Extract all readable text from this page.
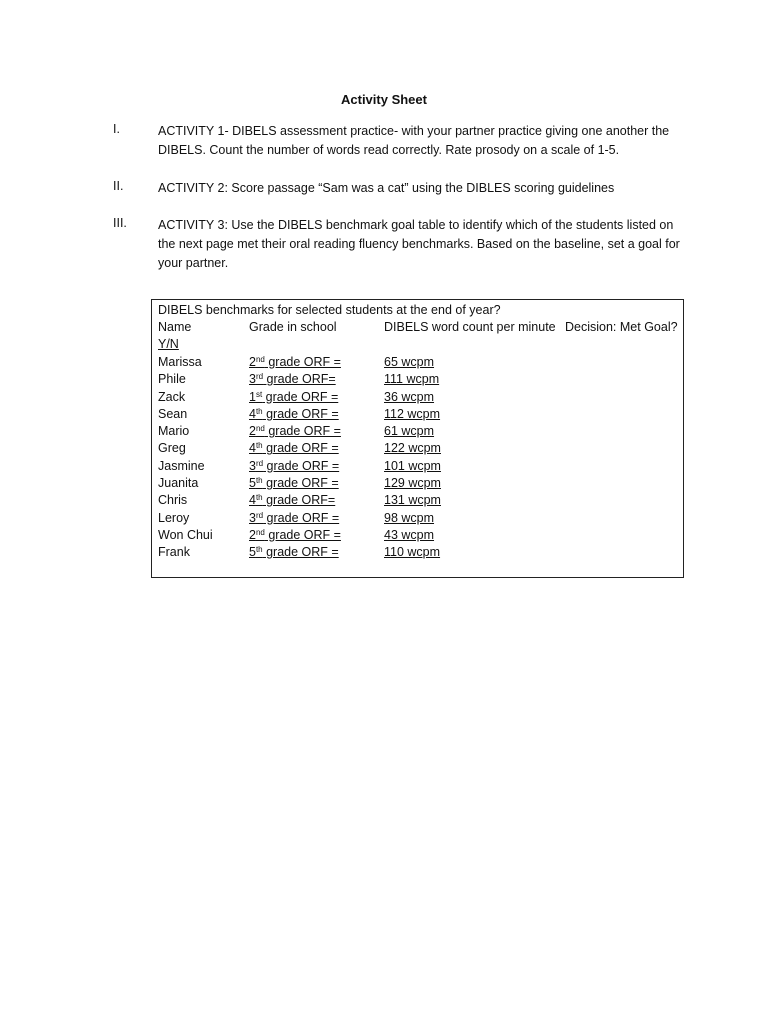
Activity Sheet
I.	ACTIVITY 1- DIBELS assessment practice- with your partner practice giving one another the DIBELS. Count the number of words read correctly. Rate prosody on a scale of 1-5.
II.	ACTIVITY 2: Score passage “Sam was a cat” using the DIBLES scoring guidelines
III. ACTIVITY 3: Use the DIBELS benchmark goal table to identify which of the students listed on the next page met their oral reading fluency benchmarks. Based on the baseline, set a goal for your partner.
DIBELS benchmarks for selected students at the end of year?
Name	Grade in school	DIBELS word count per minute Decision: Met Goal?
Y/N
Marissa	2nd grade ORF =	65 wcpm
Phile	3rd grade ORF=	111 wcpm
Zack	1st grade ORF =	36 wcpm
Sean	4th grade ORF =	112 wcpm
Mario	2nd grade ORF =	61 wcpm
Greg	4th grade ORF =	122 wcpm
Jasmine	3rd grade ORF =	101 wcpm
Juanita	5th grade ORF =	129 wcpm
Chris	4th grade ORF=	131 wcpm
Leroy	3rd grade ORF =	98 wcpm
Won Chui	2nd grade ORF =	43 wcpm
Frank	5th grade ORF =	110 wcpm
